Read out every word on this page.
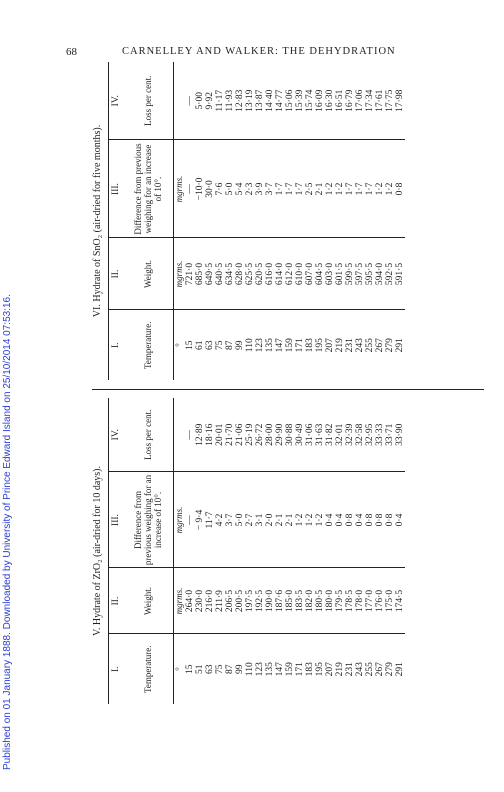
Published on 01 January 1888. Downloaded by University of Prince Edward Island on 25/10/2014 07:53:16.
68	CARNELLEY AND WALKER: THE DEHYDRATION
V. Hydrate of ZrO₂ (air-dried for 10 days).
I.	II.	III.	IV.
Temperature.	Weight.	Difference from previous weighing for an increase of 10°.	Loss per cent.
°	mgrms.	mgrms.	
15	264·0	—	—
51	230·0	− 9·4	12·89
63	216·0	11·7	18·16
75	211·9	4·2	20·01
87	206·5	3·7	21·70
99	200·5	5·0	21·06
110	197·5	2·7	25·19
123	192·5	3·1	26·72
135	190·0	2·0	28·00
147	187·6	2·1	29·90
159	185·0	2·1	30·88
171	183·5	1·2	30·49
183	182·0	1·2	31·06
195	180·5	1·2	31·63
207	180·0	0·4	31·82
219	179·5	0·4	32·01
231	178·5	0·8	32·39
243	178·0	0·4	32·58
255	177·0	0·8	32·95
267	176·0	0·8	33·33
279	175·0	0·8	33·71
291	174·5	0·4	33·90
VI. Hydrate of SnO₂ (air-dried for five months).
I.	II.	III.	IV.
Temperature.	Weight.	Difference from previous weighing for an increase of 10°.	Loss per cent.
°	mgrms.	mgrms.	
15	721·0	—	—
61	685·0	−10·0	5·00
63	649·5	30·0	9·92
75	640·5	7·6	11·17
87	634·5	5·0	11·93
99	628·0	5·4	12·83
110	625·5	2·3	13·19
123	620·5	3·9	13·87
135	616·0	3·7	14·40
147	614·0	1·7	14·77
159	612·0	1·7	15·06
171	610·0	1·7	15·39
183	607·0	2·5	15·74
195	604·5	2·1	16·09
207	603·0	1·2	16·30
219	601·5	1·2	16·51
231	599·5	1·7	16·79
243	597·5	1·7	17·06
255	595·5	1·7	17·34
267	594·0	1·2	17·61
279	592·5	1·2	17·75
291	591·5	0·8	17·98
